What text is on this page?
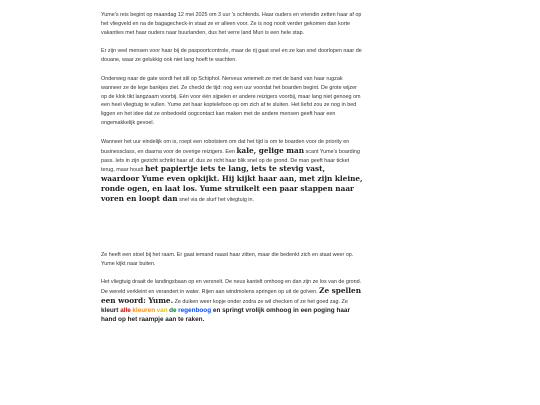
Yume's reis begint op maandag 12 mei 2025 om 3 uur 's ochtends. Haar ouders en vriendin zetten haar af op het vliegveld en na de bagagecheck-in staat ze er alleen voor. Ze is nog nooit verder gekomen dan korte vakanties met haar ouders naar buurlanden, dus het verre land Muri is een hele stap.

Er zijn veel mensen voor haar bij de paspoortcontrole, maar de rij gaat snel en ze kan snel doorlopen naar de douane, waar ze gelukkig ook niet lang hoeft te wachten.

Onderweg naar de gate wordt het stil op Schiphol. Nerveus wriemelt ze met de band van haar rugzak wanneer ze de lege bankjes ziet. Ze checkt de tijd: nog een uur voordat het boarden begint. De grote wijzer op de klok tikt langzaam voorbij. Eén voor één sijpelen er andere reizigers voorbij, maar lang niet genoeg om een heel vliegtuig te vullen. Yume zet haar koptelefoon op om zich af te sluiten. Het liefst zou ze nog in bed liggen en het idee dat ze onbedoeld oogcontact kan maken met de andere mensen geeft haar een ongemakkelijk gevoel.

Wanneer het uur eindelijk om is, roept een robotstem om dat het tijd is om te boarden voor de priority en businessclass, en daarna voor de overige reizigers. Een kale, gelige man scant Yume's boarding pass. Iets in zijn gezicht schrikt haar af, dus ze richt haar blik snel op de grond. De man geeft haar ticket terug, maar houdt het papiertje iets te lang, iets te stevig vast, waardoor Yume even opkijkt. Hij kijkt haar aan, met zijn kleine, ronde ogen, en laat los. Yume struikelt een paar stappen naar voren en loopt dan snel via de slurf het vliegtuig in.

Ze heeft een stoel bij het raam. Er gaat iemand naast haar zitten, maar die bedenkt zich en staat weer op. Yume kijkt naar buiten.

Het vliegtuig draait de landingsbaan op en versnelt. De neus kantelt omhoog en dan zijn ze los van de grond. De wereld verkleint en verandert in water. Rijen aan windmolens springen op uit de golven. Ze spellen een woord: Yume. Ze duiken weer kopje onder zodra ze wil checken of ze het goed zag. Ze kleurt alle kleuren van de regenboog en springt vrolijk omhoog in een poging haar hand op het raampje aan te raken.
